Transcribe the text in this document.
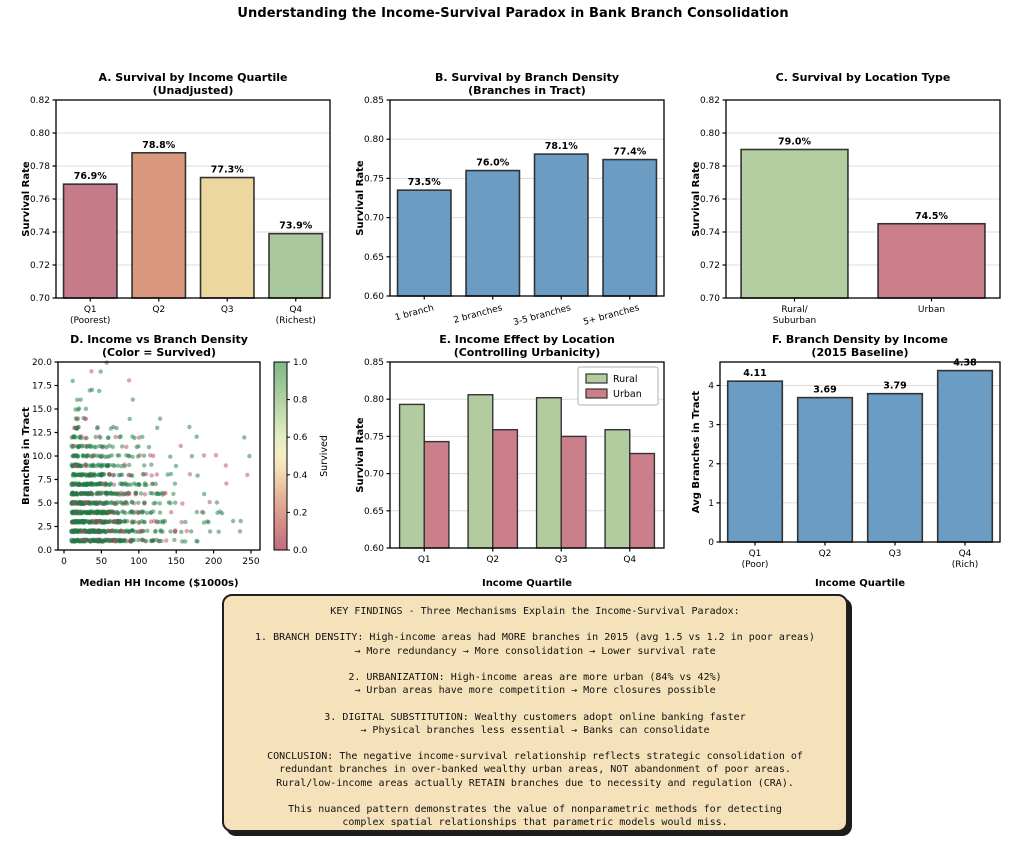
Understanding the Income-Survival Paradox in Bank Branch Consolidation
A. Survival by Income Quartile
(Unadjusted)
76.9%
78.8%
77.3%
73.9%
0.70
0.72
0.74
0.76
0.78
0.80
0.82
Q1
(Poorest)
Q2	Q3	Q4
(Richest)
Survival Rate
B. Survival by Branch Density
(Branches in Tract)
73.5%
76.0%
78.1%	77.4%
0.60
0.65
0.70
0.75
0.80
0.85
1 branch 2 branches 3-5 branches 5+ branches
Survival Rate
C. Survival by Location Type
79.0%
74.5%
0.70
0.72
0.74
0.76
0.78
0.80
0.82
Rural/
Suburban
Urban
Survival Rate
D. Income vs Branch Density
(Color = Survived)
0	50	100 150 200 250
0.0
0.2
0.4
0.6
0.8
1.0
Survived
0.0
2.5
5.0
7.5
10.0
12.5
15.0
17.5
20.0
Branches in Tract
Median HH Income ($1000s)
E. Income Effect by Location
(Controlling Urbanicity)
Rural
Urban
0.60
0.65
0.70
0.75
0.80
0.85
Q1	Q2	Q3	Q4
Survival Rate
Income Quartile
F. Branch Density by Income
(2015 Baseline)
4.11
3.69	3.79
4.38
0
1
2
3
4
Q1
(Poor)
Q2	Q3	Q4
(Rich)
Avg Branches in Tract
Income Quartile
KEY FINDINGS - Three Mechanisms Explain the Income-Survival Paradox:
1. BRANCH DENSITY: High-income areas had MORE branches in 2015 (avg 1.5 vs 1.2 in poor areas)
→ More redundancy → More consolidation → Lower survival rate
2. URBANIZATION: High-income areas are more urban (84% vs 42%)
→ Urban areas have more competition → More closures possible
3. DIGITAL SUBSTITUTION: Wealthy customers adopt online banking faster
→ Physical branches less essential → Banks can consolidate
CONCLUSION: The negative income-survival relationship reflects strategic consolidation of
redundant branches in over-banked wealthy urban areas, NOT abandonment of poor areas.
Rural/low-income areas actually RETAIN branches due to necessity and regulation (CRA).
This nuanced pattern demonstrates the value of nonparametric methods for detecting
complex spatial relationships that parametric models would miss.
